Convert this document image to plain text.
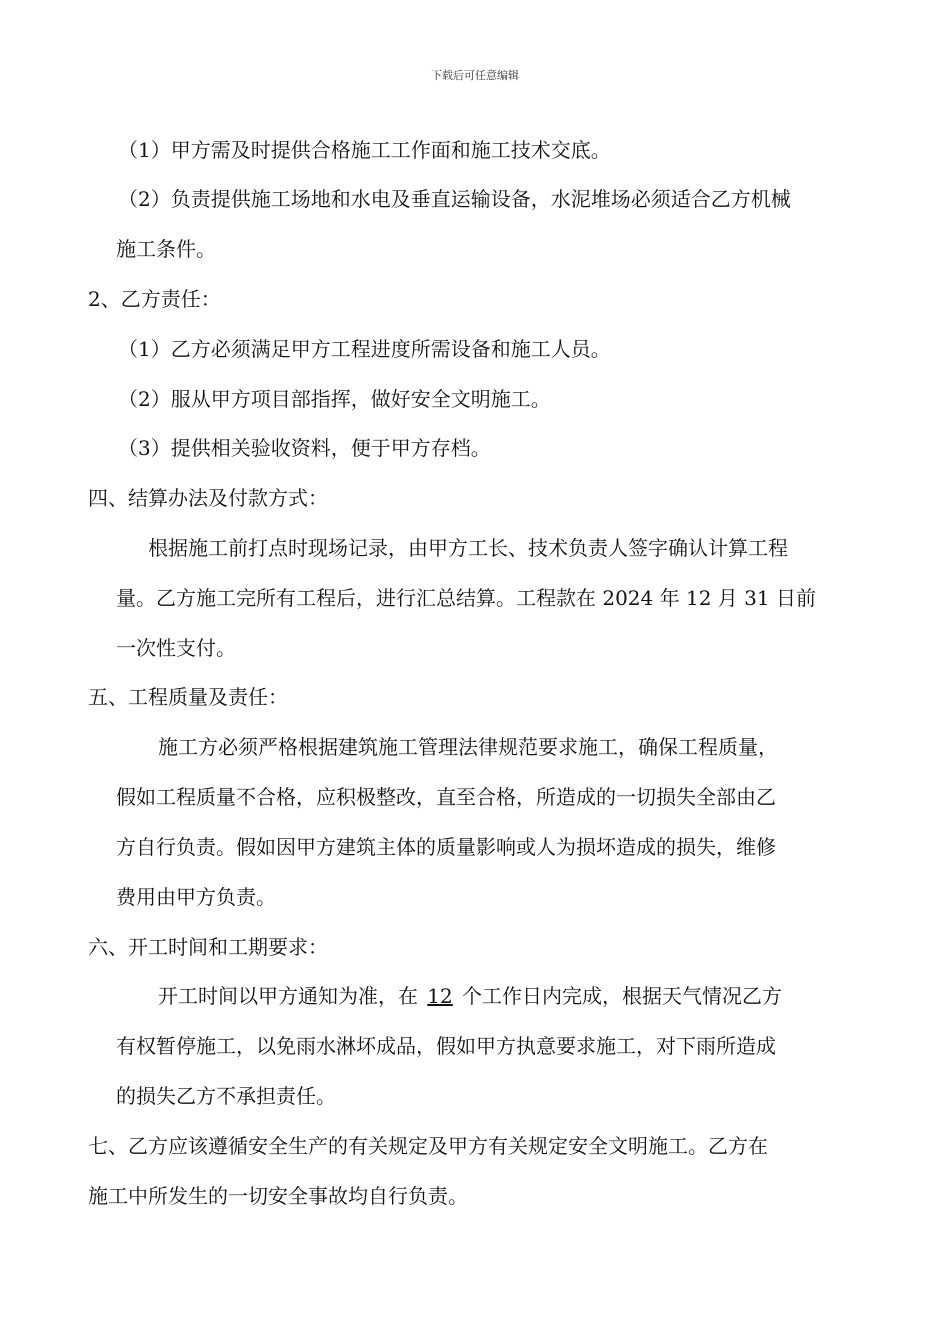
下载后可任意编辑
（1）甲方需及时提供合格施工工作面和施工技术交底。
（2）负责提供施工场地和水电及垂直运输设备，水泥堆场必须适合乙方机械
施工条件。
2、乙方责任：
（1）乙方必须满足甲方工程进度所需设备和施工人员。
（2）服从甲方项目部指挥，做好安全文明施工。
（3）提供相关验收资料，便于甲方存档。
四、结算办法及付款方式：
根据施工前打点时现场记录，由甲方工长、技术负责人签字确认计算工程
量。乙方施工完所有工程后，进行汇总结算。工程款在 2024 年 12 月 31 日前
一次性支付。
五、工程质量及责任：
施工方必须严格根据建筑施工管理法律规范要求施工，确保工程质量，
假如工程质量不合格，应积极整改，直至合格，所造成的一切损失全部由乙
方自行负责。假如因甲方建筑主体的质量影响或人为损坏造成的损失，维修
费用由甲方负责。
六、开工时间和工期要求：
开工时间以甲方通知为准，在 12 个工作日内完成，根据天气情况乙方
有权暂停施工，以免雨水淋坏成品，假如甲方执意要求施工，对下雨所造成
的损失乙方不承担责任。
七、乙方应该遵循安全生产的有关规定及甲方有关规定安全文明施工。乙方在
施工中所发生的一切安全事故均自行负责。
